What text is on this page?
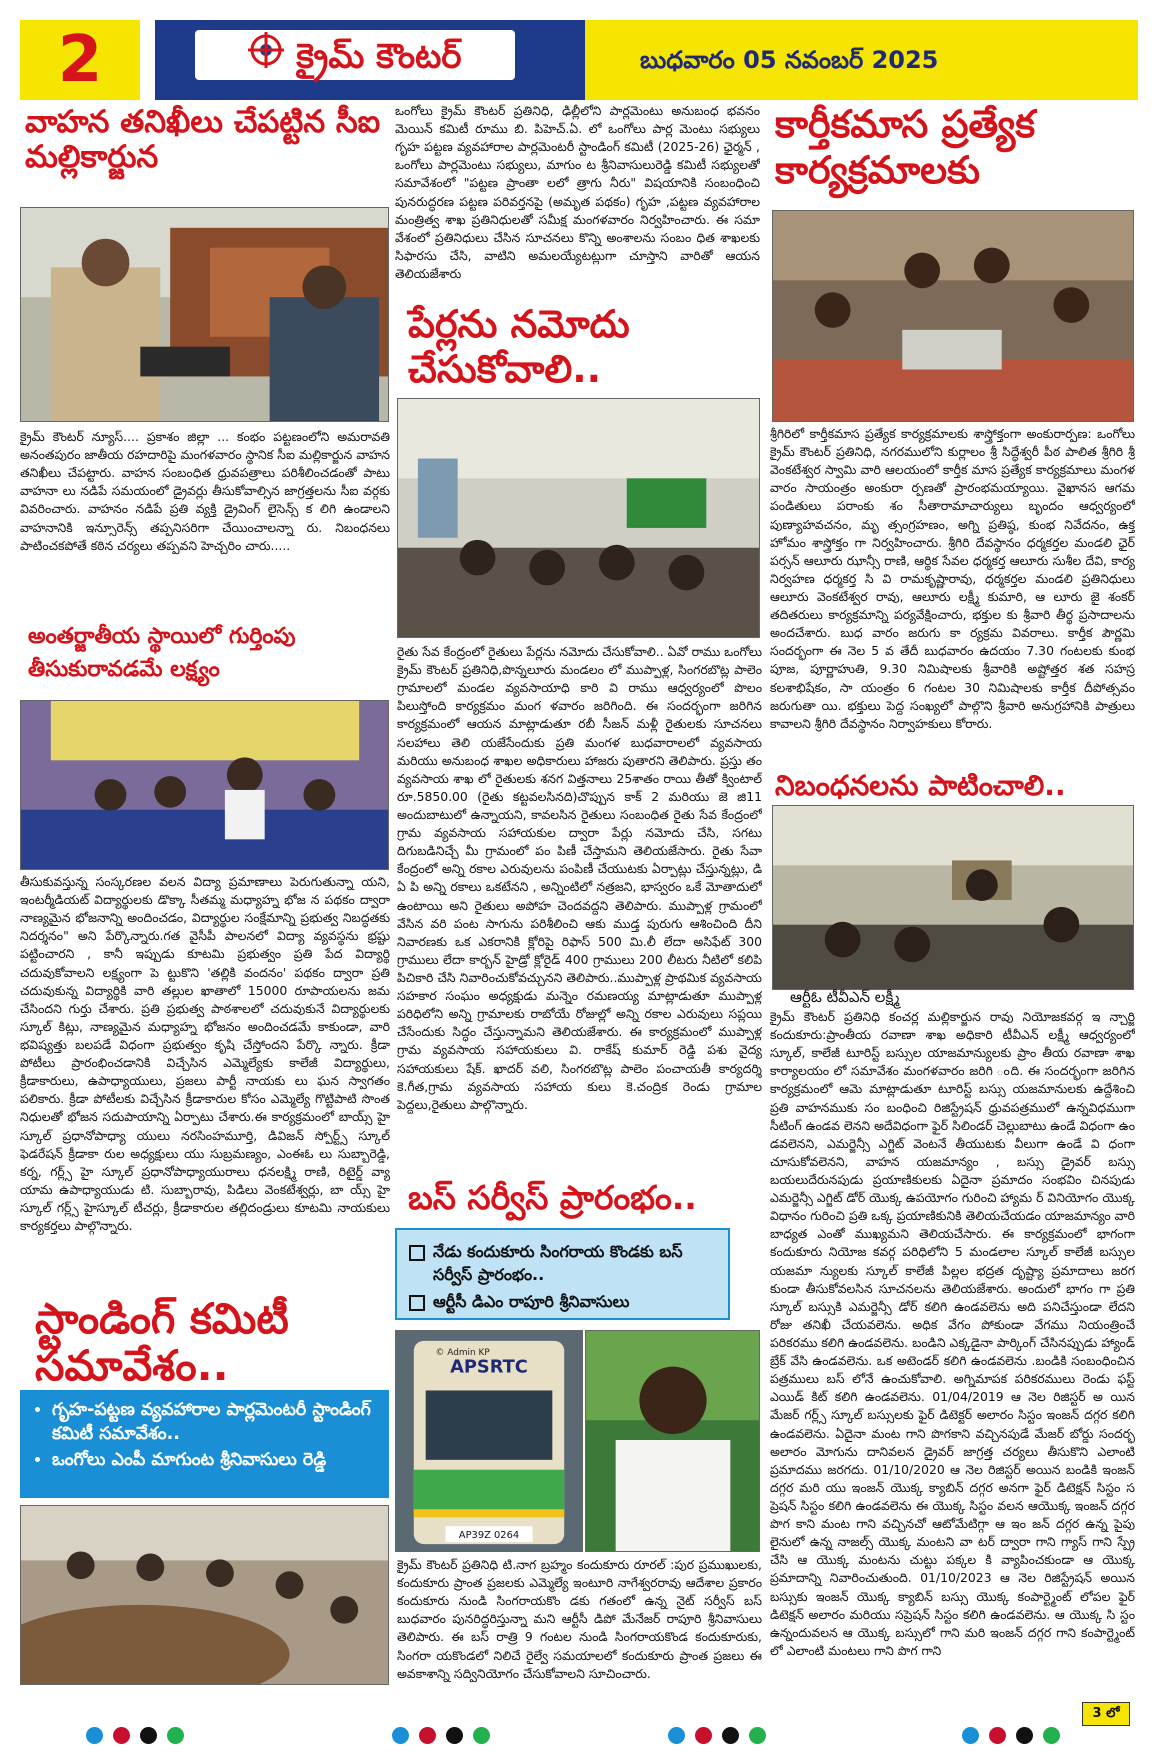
2	క్రైమ్ కౌంటర్	బుధవారం 05 నవంబర్ 2025
వాహన తనిఖీలు చేపట్టిన సీఐ మల్లికార్జున
క్రైమ్ కౌంటర్ న్యూస్.... ప్రకాశం జిల్లా ... కంభం పట్టణంలోని అమరావతి అనంతపురం జాతీయ రహదారిపై మంగళవారం స్థానిక సీఐ మల్లికార్జున వాహన తనిఖీలు చేపట్టారు. వాహన సంబంధిత ధ్రువపత్రాలు పరిశీలించడంతో పాటు వాహనా లు నడిపే సమయంలో డ్రైవర్లు తీసుకోవాల్సిన జాగ్రత్తలను సీఐ వర్గకు వివరించారు. వాహనం నడిపే ప్రతి వ్యక్తి డ్రైవింగ్ లైసెన్స్ క లిగి ఉండాలని వాహనానికి ఇన్సూరెన్స్ తప్పనిసరిగా చేయించాలన్నా రు. నిబంధనలు పాటించకపోతే కఠిన చర్యలు తప్పవని హెచ్చరిం చారు.....
అంతర్జాతీయ స్థాయిలో గుర్తింపు తీసుకురావడమే లక్ష్యం
తీసుకువస్తున్న సంస్కరణల వలన విద్యా ప్రమాణాలు పెరుగుతున్నా యని, ఇంటర్మీడియట్ విద్యార్థులకు డొక్కా సీతమ్మ మధ్యాహ్న భోజ న పథకం ద్వారా నాణ్యమైన భోజనాన్ని అందించడం, విద్యార్థుల సంక్షేమాన్ని ప్రభుత్వ నిబద్ధతకు నిదర్శనం" అని పేర్కొన్నారు.గత వైసీపీ పాలనలో విద్యా వ్యవస్థను భ్రష్టు పట్టించారని , కానీ ఇప్పుడు కూటమి ప్రభుత్వం ప్రతి పేద విద్యార్థి చదువుకోవాలని లక్ష్యంగా పె ట్టుకొని 'తల్లికి వందనం' పథకం ద్వారా ప్రతి చదువుకున్న విద్యార్థికి వారి తల్లుల ఖాతాలో 15000 రూపాయలను జమ చేసిందని గుర్తు చేశారు. ప్రతి ప్రభుత్వ పాఠశాలలో చదువుకునే విద్యార్థులకు స్కూల్ కిట్లు, నాణ్యమైన మధ్యాహ్న భోజనం అందించడమే కాకుండా, వారి భవిష్యత్తు బలపడే విధంగా ప్రభుత్వం కృషి చేస్తోందని పేర్కొ న్నారు. క్రీడా పోటీలు ప్రారంభించడానికి విచ్చేసిన ఎమ్మెల్యేకు కాలేజీ విద్యార్థులు, క్రీడాకారులు, ఉపాధ్యాయులు, ప్రజలు పార్టీ నాయకు లు ఘన స్వాగతం పలికారు. క్రీడా పోటీలకు విచ్చేసిన క్రీడాకారుల కోసం ఎమ్మెల్యే గొట్టిపాటి సొంత నిధులతో భోజన సదుపాయాన్ని ఏర్పాటు చేశారు.ఈ కార్యక్రమంలో బాయ్స్ హై స్కూల్ ప్రధానోపాధ్యా యులు నరసింహమూర్తి, డివిజన్ స్పోర్ట్స్ స్కూల్ ఫెడరేషన్ క్రీడాకా రుల అధ్యక్షులు యు సుబ్రమణ్యం, ఎంఈఓ లు సుబ్బారెడ్డి, కర్న, గర్ల్స్ హై స్కూల్ ప్రధానోపాధ్యాయురాలు ధనలక్ష్మి రాణి, రిటైర్డ్ వ్యా యామ ఉపాధ్యాయుడు టి. సుబ్బారావు, పిడిలు వెంకటేశ్వర్లు, బా య్స్ హై స్కూల్ గర్ల్స్ హైస్కూల్ టీచర్లు, క్రీడాకారుల తల్లిదండ్రులు కూటమి నాయకులు కార్యకర్తలు పాల్గొన్నారు.
స్టాండింగ్ కమిటీ సమావేశం..
• గృహ-పట్టణ వ్యవహారాల పార్లమెంటరీ స్టాండింగ్ కమిటీ సమావేశం..
• ఒంగోలు ఎంపీ మాగుంట శ్రీనివాసులు రెడ్డి
ఒంగోలు క్రైమ్ కౌంటర్ ప్రతినిధి, ఢిల్లీలోని పార్లమెంటు అనుబంధ భవనం మెయిన్ కమిటీ రూము బి. పిహెచ్.ఏ. లో ఒంగోలు పార్ల మెంటు సభ్యులు గృహ పట్టణ వ్యవహారాల పార్లమెంటరీ స్టాండింగ్ కమిటీ (2025-26) ఛైర్మన్ , ఒంగోలు పార్లమెంటు సభ్యులు, మాగుం ట శ్రీనివాసులురెడ్డి కమిటీ సభ్యులతో సమావేశంలో "పట్టణ ప్రాంతా లలో త్రాగు నీరు" విషయానికి సంబంధించి పునరుద్ధరణ పట్టణ పరివర్తనపై (అమృత పథకం) గృహ ,పట్టణ వ్యవహారాల మంత్రిత్వ శాఖ ప్రతినిధులతో సమీక్ష మంగళవారం నిర్వహించారు. ఈ సమా వేశంలో ప్రతినిధులు చేసిన సూచనలు కొన్ని అంశాలను సంబం ధిత శాఖలకు సిఫారసు చేసి, వాటిని అమలయ్యేటట్లుగా చూస్తాని వారితో ఆయన తెలియజేశారు
పేర్లను నమోదు చేసుకోవాలి..
రైతు సేవ కేంద్రంలో రైతులు పేర్లను నమోదు చేసుకోవాలి.. ఏవో రాము ఒంగోలు క్రైమ్ కౌంటర్ ప్రతినిధి,పొన్నలూరు మండలం లో ముప్పాళ్ల, సింగరబొట్ల పాలెం గ్రామాలలో మండల వ్యవసాయాధి కారి వి రాము ఆధ్వర్యంలో పొలం పిలుస్తోంది కార్యక్రమం మంగ ళవారం జరిగింది. ఈ సందర్భంగా జరిగిన కార్యక్రమంలో ఆయన మాట్లాడుతూ రబీ సీజన్ మళ్లీ రైతులకు సూచనలు సలహాలు తెలి యజేసేందుకు ప్రతి మంగళ బుధవారాలలో వ్యవసాయ మరియు అనుబంధ శాఖల అధికారులు హాజరు పుతారని తెలిపారు. ప్రస్తు తం వ్యవసాయ శాఖ లో రైతులకు శనగ విత్తనాలు 25శాతం రాయి తీతో క్వింటాల్ రూ.5850.00 (రైతు కట్టవలసినది)చొప్పున కాక్ 2 మరియు జె జి11 అందుబాటులో ఉన్నాయని, కావలసిన రైతులు సంబంధిత రైతు సేవ కేంద్రంలో గ్రామ వ్యవసాయ సహాయకుల ద్వారా పేర్లు నమోదు చేసి, సగటు దిగుబడినిచ్చే మీ గ్రామంలో పం పిణీ చేస్తామని తెలియజేసారు. రైతు సేవా కేంద్రంలో అన్ని రకాల ఎరువులను పంపిణీ చేయుటకు ఏర్పాట్లు చేస్తున్నట్లు, డి ఏ పి అన్ని రకాలు ఒకటేనని , అన్నింటిలో నత్రజని, భాస్వరం ఒకే మోతాదులో ఉంటాయి అని రైతులు అపోహ చెందవద్దని తెలిపారు. ముప్పాళ్ల గ్రామంలో వేసిన వరి పంట సాగును పరిశీలించి ఆకు ముడ్త పురుగు ఆశించింది దీని నివారణకు ఒక ఎకరానికి క్లోరిపై రిఫాస్ 500 మి.లీ లేదా అసిఫేట్ 300 గ్రాములు లేదా కార్బన్ హైడ్రో క్లోరైడ్ 400 గ్రాములు 200 లీటరు నీటిలో కలిపి పిచికారి చేసి నివారించుకోవచ్చునని తెలిపారు..ముప్పాళ్ల ప్రాథమిక వ్యవసాయ సహకార సంఘం అధ్యక్షుడు మన్నెం రమణయ్య మాట్లాడుతూ ముప్పాళ్ల పరిధిలోని అన్ని గ్రామాలకు రాబోయే రోజుల్లో అన్ని రకాల ఎరువులు సప్లయి చేసేందుకు సిద్ధం చేస్తున్నామని తెలియజేశారు. ఈ కార్యక్రమంలో ముప్పాళ్ల గ్రామ వ్యవసాయ సహాయకులు వి. రాకేష్ కుమార్ రెడ్డి పశు వైద్య సహాయకులు షేక్. ఖాదర్ వలి, సింగరబొట్ల పాలెం పంచాయతీ కార్యదర్శి కె.గీత,గ్రామ వ్యవసాయ సహాయ కులు కె.చంద్రిక రెండు గ్రామాల పెద్దలు,రైతులు పాల్గొన్నారు.
బస్ సర్వీస్ ప్రారంభం..
నేడు కందుకూరు సింగరాయ కొండకు బస్ సర్వీస్ ప్రారంభం..
ఆర్టీసీ డిఎం రాపూరి శ్రీనివాసులు
APSRTC
© Admin KP
AP39Z 0264
క్రైమ్ కౌంటర్ ప్రతినిధి టి.నాగ బ్రహ్మం కందుకూరు రూరల్ :పుర ప్రముఖులకు, కందుకూరు ప్రాంత ప్రజలకు ఎమ్మెల్యే ఇంటూరి నాగేశ్వరరావు ఆదేశాల ప్రకారం కందుకూరు నుండి సింగరాయకొం డకు గతంలో ఉన్న నైట్ సర్వీస్ బస్ బుధవారం పునరిద్ధరిస్తున్నా మని ఆర్టీసీ డిపో మేనేజర్ రాపూరి శ్రీనివాసులు తెలిపారు. ఈ బస్ రాత్రి 9 గంటల నుండి సింగరాయకొండ కందుకూరుకు, సింగరా యకొండలో నిలిచే రైల్వే సమయాలలో కందుకూరు ప్రాంత ప్రజలు ఈ అవకాశాన్ని సద్వినియోగం చేసుకోవాలని సూచించారు.
కార్తీకమాస ప్రత్యేక కార్యక్రమాలకు
శ్రీగిరిలో కార్తీకమాస ప్రత్యేక కార్యక్రమాలకు శాస్త్రోక్తంగా అంకురార్పణ: ఒంగోలు క్రైమ్ కౌంటర్ ప్రతినిధి, నగరములోని కుర్లాలం శ్రీ సిద్ధేశ్వరీ పీఠ పాలిత శ్రీగిరి శ్రీ వెంకటేశ్వర స్వామి వారి ఆలయంలో కార్తీక మాస ప్రత్యేక కార్యక్రమాలు మంగళ వారం సాయంత్రం అంకురా ర్పణతో ప్రారంభమయ్యాయి. వైఖానస ఆగమ పండితులు పరాంకు శం సీతారామాచార్యులు బృందం ఆధ్వర్యంలో పుణ్యాహవచనం, మృ త్సంగ్రహణం, అగ్ని ప్రతిష్ఠ, కుంభ నివేదనం, ఉక్త హోమం శాస్త్రోక్తం గా నిర్వహించారు. శ్రీగిరి దేవస్థానం ధర్మకర్తల మండలి ఛైర్ పర్సన్ ఆలూరు ఝాన్సీ రాణి, ఆర్థిక సేవల ధర్మకర్త ఆలూరు సుశీల దేవి, కార్య నిర్వహణ ధర్మకర్త సి వి రామకృష్ణారావు, ధర్మకర్తల మండలి ప్రతినిధులు ఆలూరు వెంకటేశ్వర రావు, ఆలూరు లక్ష్మీ కుమారి, ఆ లూరు జై శంకర్ తదితరులు కార్యక్రమాన్ని పర్యవేక్షించారు, భక్తుల కు శ్రీవారి తీర్థ ప్రసాదాలను అందచేశారు. బుధ వారం జరుగు కా ర్యక్రమ వివరాలు. కార్తీక పౌర్ణమి సందర్భంగా ఈ నెల 5 వ తేదీ బుధవారం ఉదయం 7.30 గంటలకు కుంభ పూజ, పూర్ణాహుతి, 9.30 నిమిషాలకు శ్రీవారికి అష్టోత్తర శత సహస్ర కలశాభిషేకం, సా యంత్రం 6 గంటల 30 నిమిషాలకు కార్తీక దీపోత్సవం జరుగుతా యి. భక్తులు పెద్ద సంఖ్యలో పాల్గొని శ్రీవారి అనుగ్రహానికి పాత్రులు కావాలని శ్రీగిరి దేవస్థానం నిర్వాహకులు కోరారు.
నిబంధనలను పాటించాలి..
ఆర్టీఓ టీవీఎన్ లక్ష్మీ
క్రైమ్ కౌంటర్ ప్రతినిధి కంచర్ల మల్లికార్జున రావు నియోజకవర్గ ఇ న్చార్జి కందుకూరు:ప్రాంతీయ రవాణా శాఖ అధికారి టీవీఎన్ లక్ష్మీ ఆధ్వర్యంలో స్కూల్, కాలేజీ టూరిస్ట్ బస్సుల యాజమాన్యులకు ప్రాం తీయ రవాణా శాఖ కార్యాలయం లో సమావేశం మంగళవారం జరిగి ంది. ఈ సందర్భంగా జరిగిన కార్యక్రమంలో ఆమె మాట్లాడుతూ టూరిస్ట్ బస్సు యజమానులకు ఉద్దేశించి ప్రతి వాహనముకు సం బంధించి రిజిస్ట్రేషన్ ధ్రువపత్రములో ఉన్నవిధముగా సీటింగ్ ఉండవ లెనని అదేవిధంగా ఫైర్ సిలిండర్ చెల్లుబాటు ఉండే విధంగా ఉం డవలెనని, ఎమర్జెన్సీ ఎగ్జిట్ వెంటనే తీయుటకు వీలుగా ఉండే వి ధంగా చూసుకోవలెనని, వాహన యజమాన్యం , బస్సు డ్రైవర్ బస్సు బయలుదేరునపుడు ప్రయాణికులకు ఏదైనా ప్రమాదం సంభవిం చినపుడు ఎమర్జెన్సీ ఎగ్జిట్ డోర్ యొక్క ఉపయోగం గురించి హ్యామ ర్ వినియోగం యొక్క విధానం గురించి ప్రతి ఒక్క ప్రయాణికునికి తెలియచేయడం యాజమాన్యం వారి బాధ్యత ఎంతో ముఖ్యమని తెలియచేసారు. ఈ కార్యక్రమంలో భాగంగా కందుకూరు నియోజ కవర్గ పరిధిలోని 5 మండలాల స్కూల్ కాలేజీ బస్సుల యజమా న్యులకు స్కూల్ కాలేజీ పిల్లల భద్రత దృష్ట్యా ప్రమాదాలు జరగ కుండా తీసుకోవలసిన సూచనలను తెలియజేశారు. అందులో భాగం గా ప్రతి స్కూల్ బస్సుకి ఎమర్జెన్సీ డోర్ కలిగి ఉండవలెను అది పనిచేస్తుండా లేదని రోజు తనిఖీ చేయవలెను. అధిక వేగం పోకుండా వేగము నియంత్రించే పరికరము కలిగి ఉండవలెను. బండిని ఎక్కడైనా పార్కింగ్ చేసినప్పుడు హ్యాండ్ బ్రేక్ వేసి ఉండవలెను. ఒక అటెండర్ కలిగి ఉండవలెను .బండికి సంబంధించిన పత్రములు బస్ లోనే ఉంచుకోవాలి. అగ్నిమాపక పరికరములు రెండు ఫస్ట్ ఎయిడ్ కిట్ కలిగి ఉండవలెను. 01/04/2019 ఆ నెల రిజిస్టర్ అ యిన మేజర్ గర్ల్స్ స్కూల్ బస్సులకు ఫైర్ డిటెక్టర్ అలారం సిస్టం ఇంజన్ దగ్గర కలిగి ఉండవలెను. ఏదైనా మంట గాని పొగకాని వచ్చినపుడే మేజర్ బోర్డు సందర్భ అలారం మోగును దానివలన డ్రైవర్ జాగ్రత్త చర్యలు తీసుకొని ఎలాంటి ప్రమాదము జరగదు. 01/10/2020 ఆ నెల రిజిస్టర్ అయిన బండికి ఇంజన్ దగ్గర మరి యు ఇంజన్ యొక్క క్యాబిన్ దగ్గర అనగా ఫైర్ డిటెక్షన్ సిస్టం స ప్రెషన్ సిస్టం కలిగి ఉండవలెను ఈ యొక్క సిస్టం వలన ఆయొక్క ఇంజన్ దగ్గర పొగ కాని మంట గాని వచ్చినచో ఆటోమేటిగ్గా ఆ ఇం జన్ దగ్గర ఉన్న పైపు లైనులో ఉన్న నాజల్స్ యొక్క మంటని వా టర్ ద్వారా గాని గ్యాస్ గాని స్ప్రే చేసి ఆ యొక్క మంటను చుట్టు పక్కల కి వ్యాపించకుండా ఆ యొక్క ప్రమాదాన్ని నివారించుతుంది. 01/10/2023 ఆ నెల రిజిస్ట్రేషన్ అయిన బస్సుకు ఇంజన్ యొక్క క్యాబిన్ బస్సు యొక్క కంపార్ట్మెంట్ లోపల ఫైర్ డిటెక్షన్ అలారం మరియు సప్రెషన్ సిస్టం కలిగి ఉండవలెను. ఆ యొక్క సి స్టం ఉన్నందువలన ఆ యొక్క బస్సులో గాని మరి ఇంజన్ దగ్గర గాని కంపార్ట్మెంట్ లో ఎలాంటి మంటలు గాని పొగ గాని
3 లో
